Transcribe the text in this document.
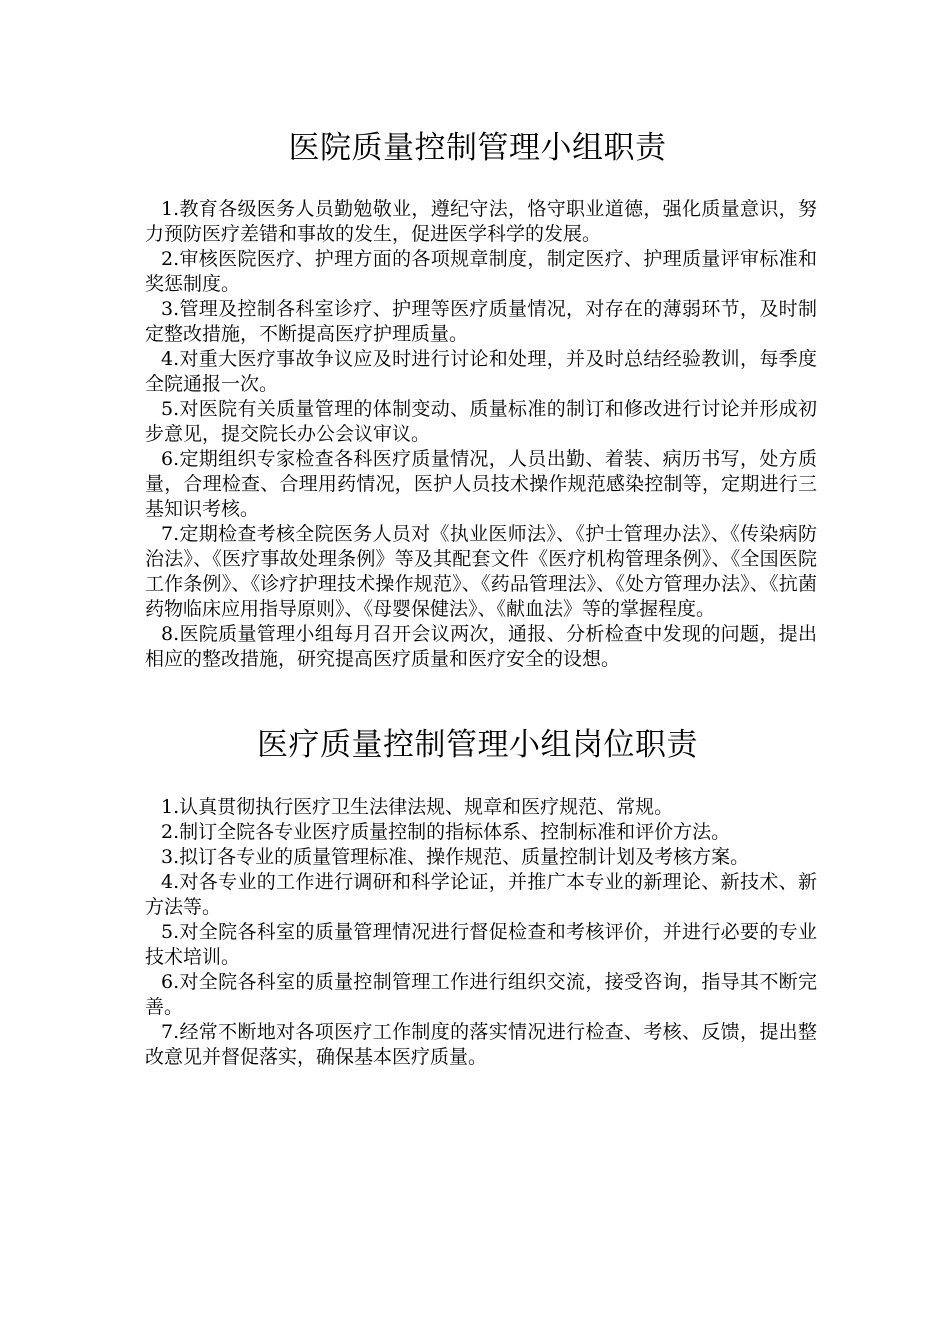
医院质量控制管理小组职责
1.教育各级医务人员勤勉敬业，遵纪守法，恪守职业道德，强化质量意识，努力预防医疗差错和事故的发生，促进医学科学的发展。
2.审核医院医疗、护理方面的各项规章制度，制定医疗、护理质量评审标准和奖惩制度。
3.管理及控制各科室诊疗、护理等医疗质量情况，对存在的薄弱环节，及时制定整改措施，不断提高医疗护理质量。
4.对重大医疗事故争议应及时进行讨论和处理，并及时总结经验教训，每季度全院通报一次。
5.对医院有关质量管理的体制变动、质量标准的制订和修改进行讨论并形成初步意见，提交院长办公会议审议。
6.定期组织专家检查各科医疗质量情况，人员出勤、着装、病历书写，处方质量，合理检查、合理用药情况，医护人员技术操作规范感染控制等，定期进行三基知识考核。
7.定期检查考核全院医务人员对《执业医师法》、《护士管理办法》、《传染病防治法》、《医疗事故处理条例》等及其配套文件《医疗机构管理条例》、《全国医院工作条例》、《诊疗护理技术操作规范》、《药品管理法》、《处方管理办法》、《抗菌药物临床应用指导原则》、《母婴保健法》、《献血法》等的掌握程度。
8.医院质量管理小组每月召开会议两次，通报、分析检查中发现的问题，提出相应的整改措施，研究提高医疗质量和医疗安全的设想。
医疗质量控制管理小组岗位职责
1.认真贯彻执行医疗卫生法律法规、规章和医疗规范、常规。
2.制订全院各专业医疗质量控制的指标体系、控制标准和评价方法。
3.拟订各专业的质量管理标准、操作规范、质量控制计划及考核方案。
4.对各专业的工作进行调研和科学论证，并推广本专业的新理论、新技术、新方法等。
5.对全院各科室的质量管理情况进行督促检查和考核评价，并进行必要的专业技术培训。
6.对全院各科室的质量控制管理工作进行组织交流，接受咨询，指导其不断完善。
7.经常不断地对各项医疗工作制度的落实情况进行检查、考核、反馈，提出整改意见并督促落实，确保基本医疗质量。
